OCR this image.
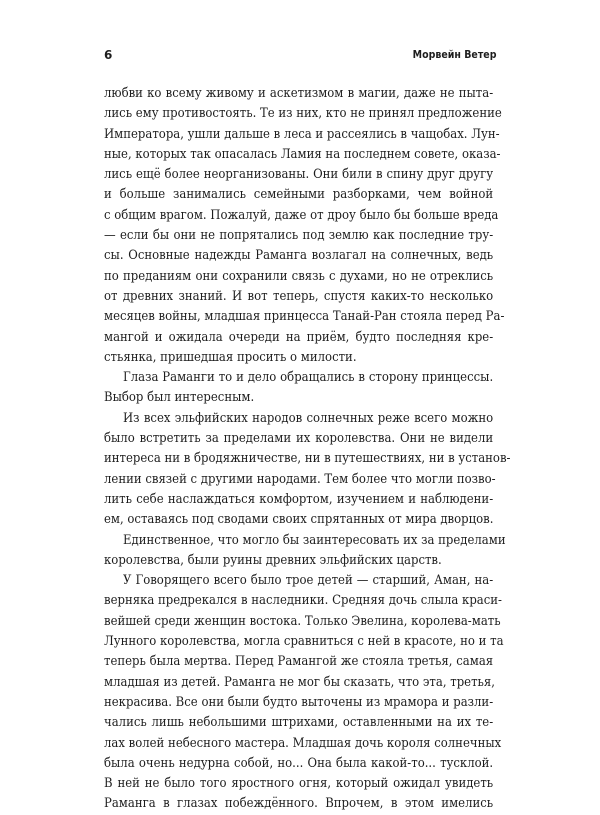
6	Морвейн Ветер
любви ко всему живому и аскетизмом в магии, даже не пыта-
лись ему противостоять. Те из них, кто не принял предложение
Императора, ушли дальше в леса и рассеялись в чащобах. Лун-
ные, которых так опасалась Ламия на последнем совете, оказа-
лись ещё более неорганизованы. Они били в спину друг другу
и больше занимались семейными разборками, чем войной
с общим врагом. Пожалуй, даже от дроу было бы больше вреда
— если бы они не попрятались под землю как последние тру-
сы. Основные надежды Раманга возлагал на солнечных, ведь
по преданиям они сохранили связь с духами, но не отреклись
от древних знаний. И вот теперь, спустя каких-то несколько
месяцев войны, младшая принцесса Танай-Ран стояла перед Ра-
мангой и ожидала очереди на приём, будто последняя кре-
стьянка, пришедшая просить о милости.
Глаза Раманги то и дело обращались в сторону принцессы.
Выбор был интересным.
Из всех эльфийских народов солнечных реже всего можно
было встретить за пределами их королевства. Они не видели
интереса ни в бродяжничестве, ни в путешествиях, ни в установ-
лении связей с другими народами. Тем более что могли позво-
лить себе наслаждаться комфортом, изучением и наблюдени-
ем, оставаясь под сводами своих спрятанных от мира дворцов.
Единственное, что могло бы заинтересовать их за пределами
королевства, были руины древних эльфийских царств.
У Говорящего всего было трое детей — старший, Аман, на-
верняка предрекался в наследники. Средняя дочь слыла краси-
вейшей среди женщин востока. Только Эвелина, королева-мать
Лунного королевства, могла сравниться с ней в красоте, но и та
теперь была мертва. Перед Рамангой же стояла третья, самая
младшая из детей. Раманга не мог бы сказать, что эта, третья,
некрасива. Все они были будто выточены из мрамора и разли-
чались лишь небольшими штрихами, оставленными на их те-
лах волей небесного мастера. Младшая дочь короля солнечных
была очень недурна собой, но... Она была какой-то... тусклой.
В ней не было того яростного огня, который ожидал увидеть
Раманга в глазах побеждённого. Впрочем, в этом имелись
